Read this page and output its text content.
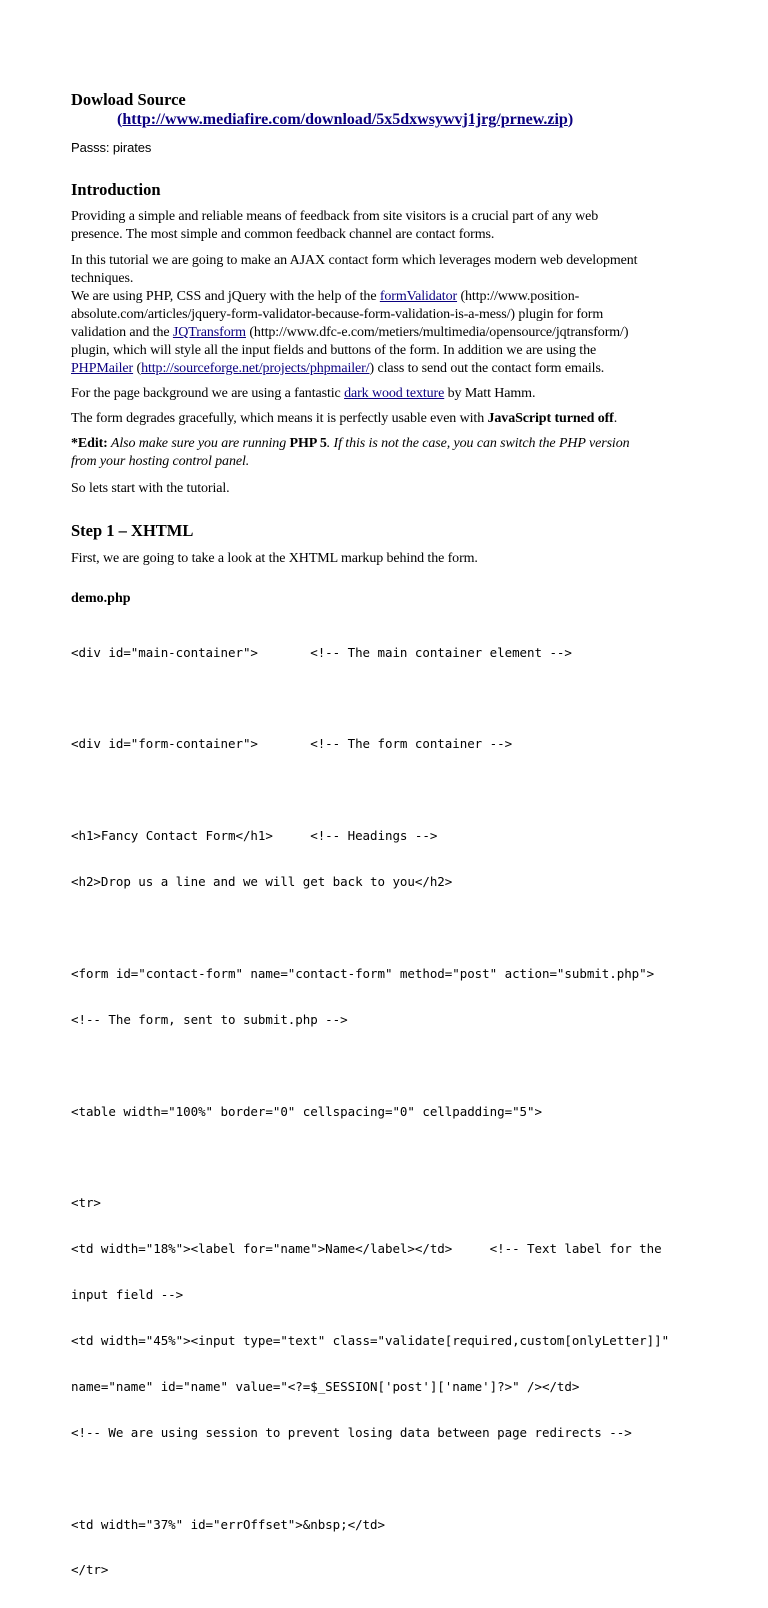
Dowload Source
(http://www.mediafire.com/download/5x5dxwsywvj1jrg/prnew.zip)
Passs: pirates
Introduction
Providing a simple and reliable means of feedback from site visitors is a crucial part of any web
presence. The most simple and common feedback channel are contact forms.
In this tutorial we are going to make an AJAX contact form which leverages modern web development
techniques.
We are using PHP, CSS and jQuery with the help of the formValidator (http://www.position-
absolute.com/articles/jquery-form-validator-because-form-validation-is-a-mess/) plugin for form
validation and the JQTransform (http://www.dfc-e.com/metiers/multimedia/opensource/jqtransform/)
plugin, which will style all the input fields and buttons of the form. In addition we are using the
PHPMailer (http://sourceforge.net/projects/phpmailer/) class to send out the contact form emails.
For the page background we are using a fantastic dark wood texture by Matt Hamm.
The form degrades gracefully, which means it is perfectly usable even with JavaScript turned off.
*Edit: Also make sure you are running PHP 5. If this is not the case, you can switch the PHP version
from your hosting control panel.
So lets start with the tutorial.
Step 1 – XHTML
First, we are going to take a look at the XHTML markup behind the form.
demo.php

<div id="main-container">       <!-- The main container element -->

<div id="form-container">       <!-- The form container -->

<h1>Fancy Contact Form</h1>     <!-- Headings -->

<h2>Drop us a line and we will get back to you</h2>

<form id="contact-form" name="contact-form" method="post" action="submit.php">

<!-- The form, sent to submit.php -->

<table width="100%" border="0" cellspacing="0" cellpadding="5">

<tr>

<td width="18%"><label for="name">Name</label></td>     <!-- Text label for the

input field -->

<td width="45%"><input type="text" class="validate[required,custom[onlyLetter]]"

name="name" id="name" value="<?=$_SESSION['post']['name']?>" /></td>

<!-- We are using session to prevent losing data between page redirects -->

<td width="37%" id="errOffset">&nbsp;</td>

</tr>
